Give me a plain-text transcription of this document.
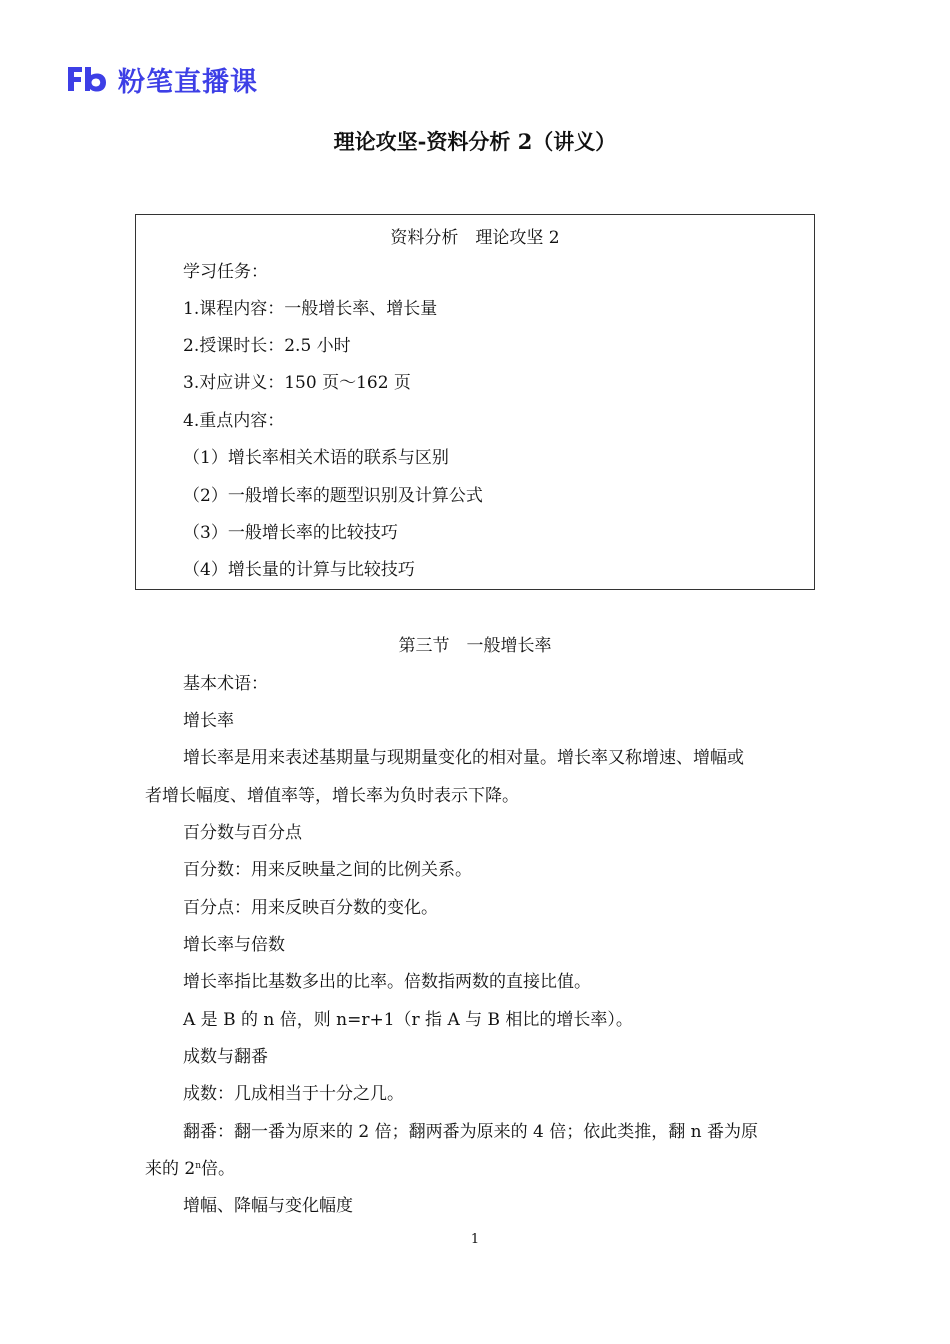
粉笔直播课
理论攻坚-资料分析 2（讲义）
资料分析　理论攻坚 2
学习任务：
1.课程内容：一般增长率、增长量
2.授课时长：2.5 小时
3.对应讲义：150 页～162 页
4.重点内容：
（1）增长率相关术语的联系与区别
（2）一般增长率的题型识别及计算公式
（3）一般增长率的比较技巧
（4）增长量的计算与比较技巧
第三节　一般增长率
基本术语：
增长率
增长率是用来表述基期量与现期量变化的相对量。增长率又称增速、增幅或
者增长幅度、增值率等，增长率为负时表示下降。
百分数与百分点
百分数：用来反映量之间的比例关系。
百分点：用来反映百分数的变化。
增长率与倍数
增长率指比基数多出的比率。倍数指两数的直接比值。
A 是 B 的 n 倍，则 n=r+1（r 指 A 与 B 相比的增长率）。
成数与翻番
成数：几成相当于十分之几。
翻番：翻一番为原来的 2 倍；翻两番为原来的 4 倍；依此类推，翻 n 番为原
来的 2$^n$倍。
增幅、降幅与变化幅度
1
